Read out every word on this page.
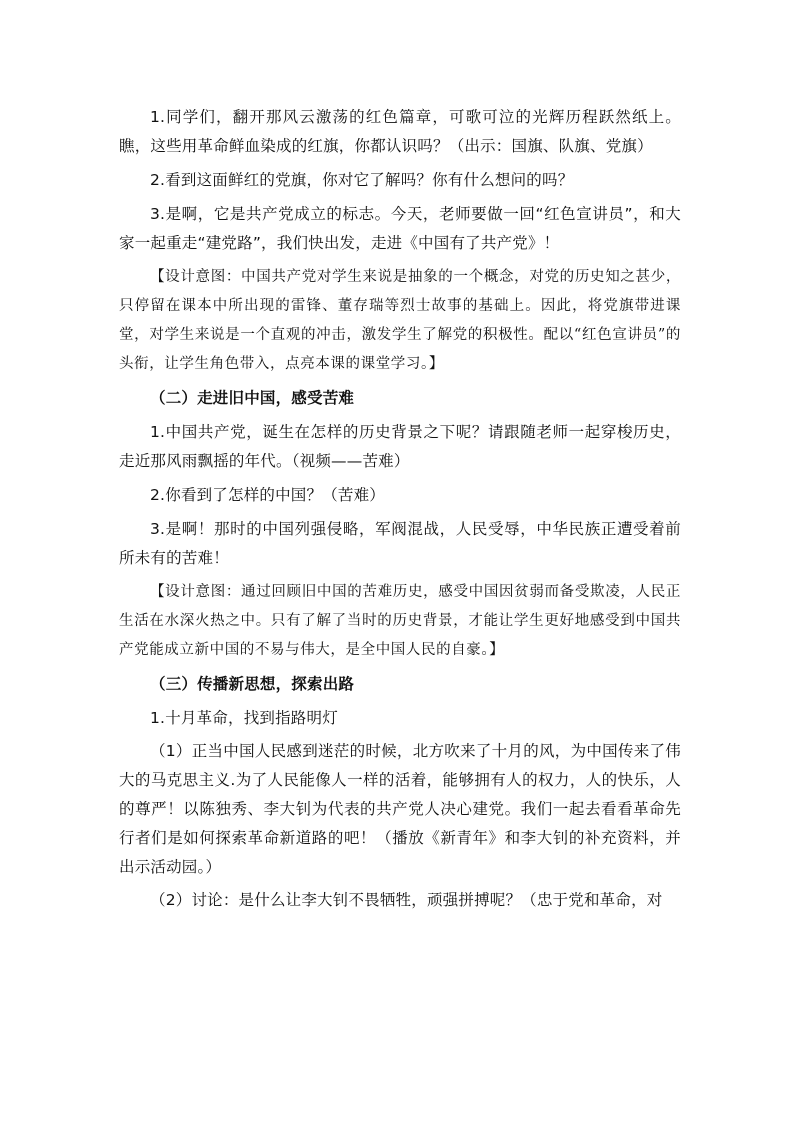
1.同学们，翻开那风云激荡的红色篇章，可歌可泣的光辉历程跃然纸上。瞧，这些用革命鲜血染成的红旗，你都认识吗？（出示：国旗、队旗、党旗）

2.看到这面鲜红的党旗，你对它了解吗？你有什么想问的吗？

3.是啊，它是共产党成立的标志。今天，老师要做一回“红色宣讲员”，和大家一起重走“建党路”，我们快出发，走进《中国有了共产党》！

【设计意图：中国共产党对学生来说是抽象的一个概念，对党的历史知之甚少，只停留在课本中所出现的雷锋、董存瑞等烈士故事的基础上。因此，将党旗带进课堂，对学生来说是一个直观的冲击，激发学生了解党的积极性。配以“红色宣讲员”的头衔，让学生角色带入，点亮本课的课堂学习。】

（二）走进旧中国，感受苦难

1.中国共产党，诞生在怎样的历史背景之下呢？请跟随老师一起穿梭历史，走近那风雨飘摇的年代。（视频——苦难）

2.你看到了怎样的中国？（苦难）

3.是啊！那时的中国列强侵略，军阀混战，人民受辱，中华民族正遭受着前所未有的苦难！

【设计意图：通过回顾旧中国的苦难历史，感受中国因贫弱而备受欺凌，人民正生活在水深火热之中。只有了解了当时的历史背景，才能让学生更好地感受到中国共产党能成立新中国的不易与伟大，是全中国人民的自豪。】

（三）传播新思想，探索出路

1.十月革命，找到指路明灯

（1）正当中国人民感到迷茫的时候，北方吹来了十月的风，为中国传来了伟大的马克思主义.为了人民能像人一样的活着，能够拥有人的权力，人的快乐，人的尊严！以陈独秀、李大钊为代表的共产党人决心建党。我们一起去看看革命先行者们是如何探索革命新道路的吧！（播放《新青年》和李大钊的补充资料，并出示活动园。）

（2）讨论：是什么让李大钊不畏牺牲，顽强拼搏呢？（忠于党和革命，对
